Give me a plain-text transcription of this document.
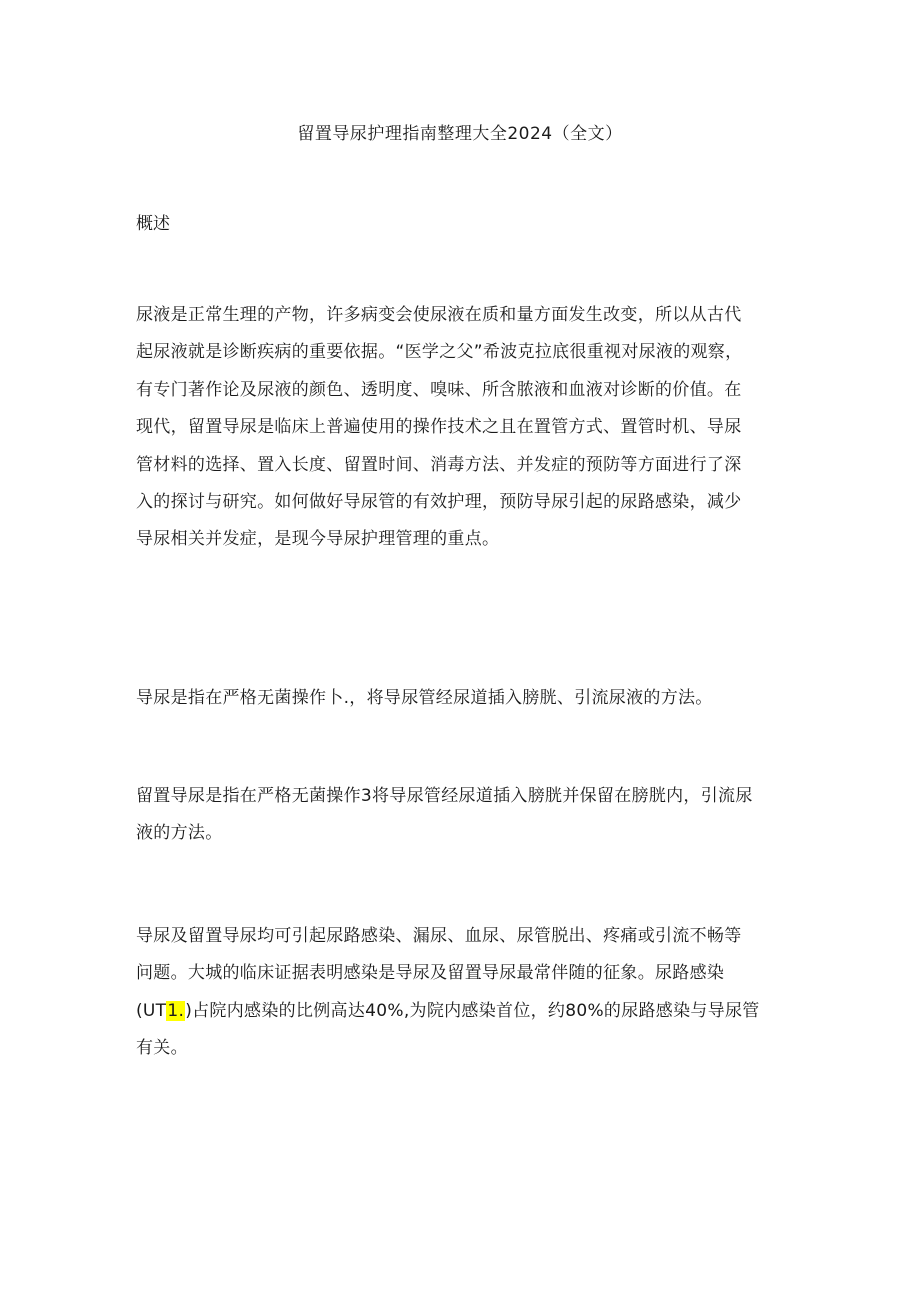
留置导尿护理指南整理大全2024（全文）
概述
尿液是正常生理的产物，许多病变会使尿液在质和量方面发生改变，所以从古代
起尿液就是诊断疾病的重要依据。“医学之父”希波克拉底很重视对尿液的观察，
有专门著作论及尿液的颜色、透明度、嗅味、所含脓液和血液对诊断的价值。在
现代，留置导尿是临床上普遍使用的操作技术之且在置管方式、置管时机、导尿
管材料的选择、置入长度、留置时间、消毒方法、并发症的预防等方面进行了深
入的探讨与研究。如何做好导尿管的有效护理，预防导尿引起的尿路感染，减少
导尿相关并发症，是现今导尿护理管理的重点。
导尿是指在严格无菌操作卜.，将导尿管经尿道插入膀胱、引流尿液的方法。
留置导尿是指在严格无菌操作3将导尿管经尿道插入膀胱并保留在膀胱内，引流尿
液的方法。
导尿及留置导尿均可引起尿路感染、漏尿、血尿、尿管脱出、疼痛或引流不畅等
问题。大城的临床证据表明感染是导尿及留置导尿最常伴随的征象。尿路感染
(UT1.)占院内感染的比例高达40%,为院内感染首位，约80%的尿路感染与导尿管
有关。
